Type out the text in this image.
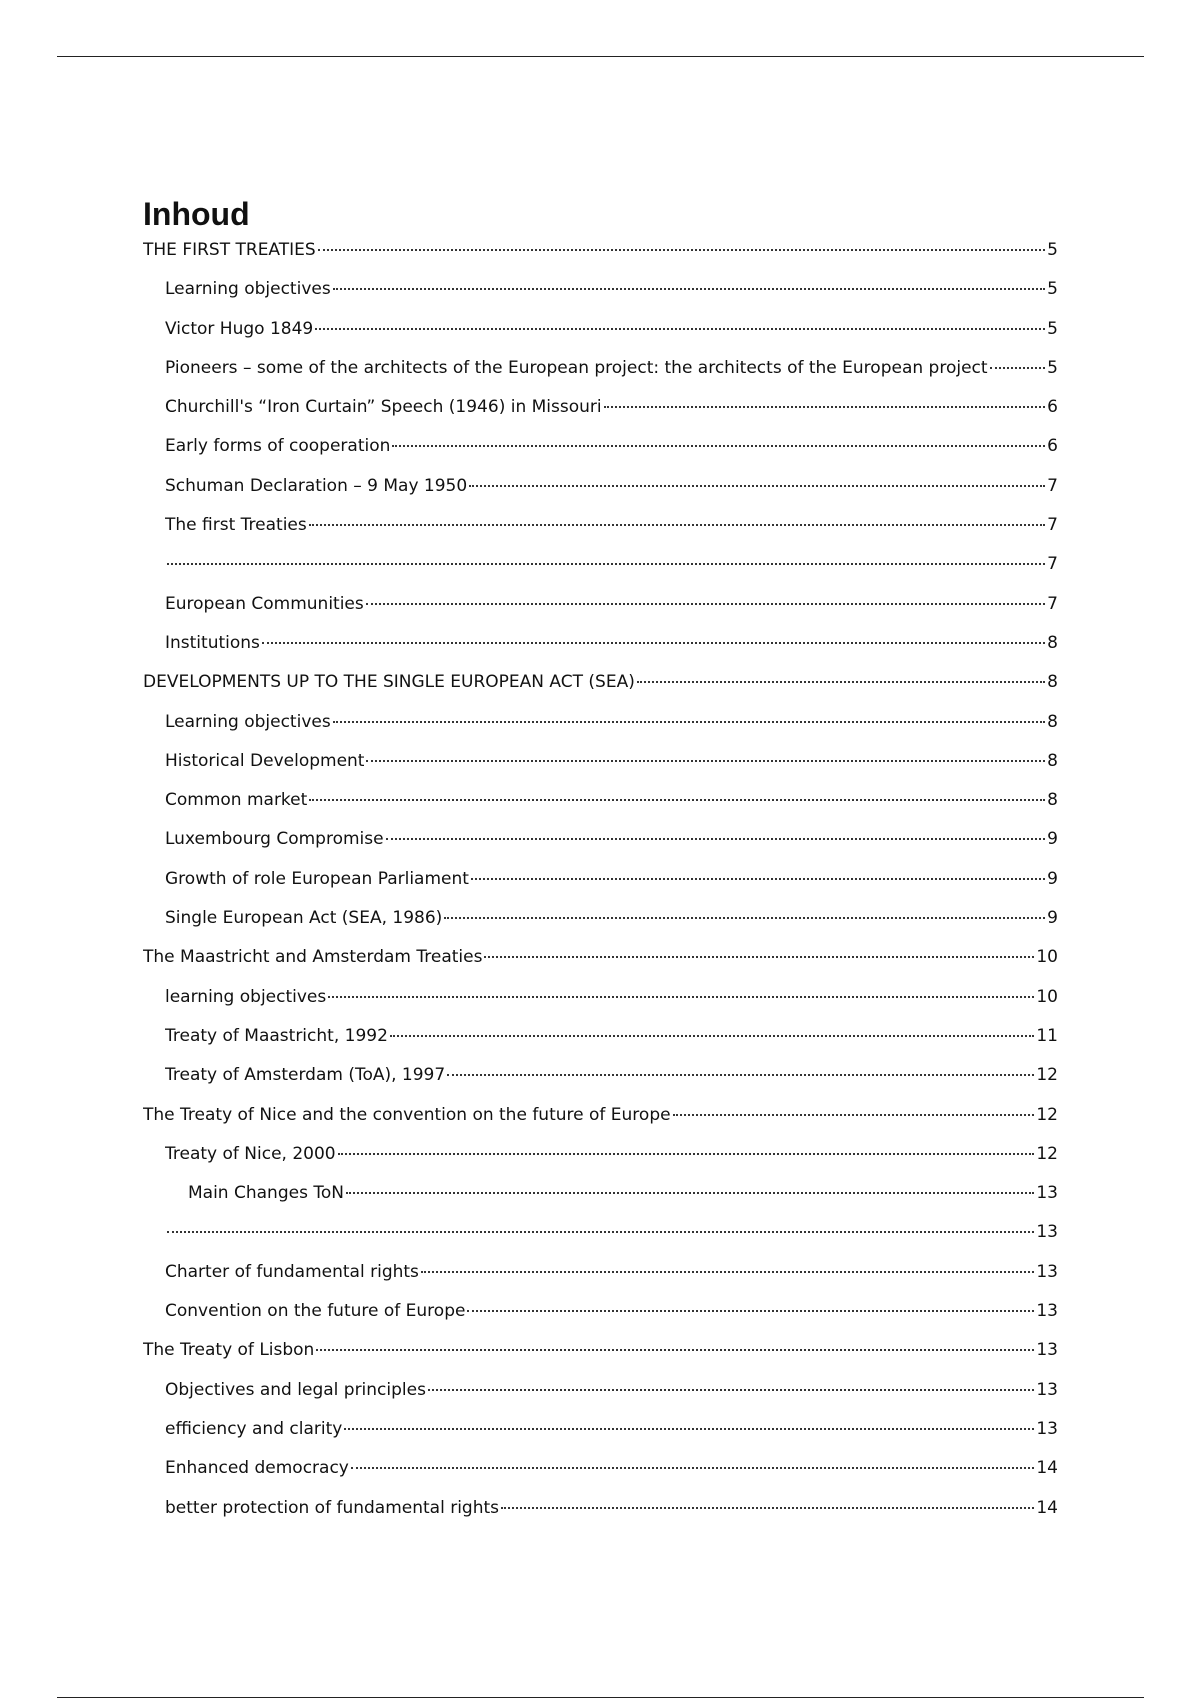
Inhoud
THE FIRST TREATIES	5
Learning objectives	5
Victor Hugo 1849	5
Pioneers – some of the architects of the European project: the architects of the European project	5
Churchill's “Iron Curtain” Speech (1946) in Missouri	6
Early forms of cooperation	6
Schuman Declaration – 9 May 1950	7
The first Treaties	7
7
European Communities	7
Institutions	8
DEVELOPMENTS UP TO THE SINGLE EUROPEAN ACT (SEA)	8
Learning objectives	8
Historical Development	8
Common market	8
Luxembourg Compromise	9
Growth of role European Parliament	9
Single European Act (SEA, 1986)	9
The Maastricht and Amsterdam Treaties	10
learning objectives	10
Treaty of Maastricht, 1992	11
Treaty of Amsterdam (ToA), 1997	12
The Treaty of Nice and the convention on the future of Europe	12
Treaty of Nice, 2000	12
Main Changes ToN	13
13
Charter of fundamental rights	13
Convention on the future of Europe	13
The Treaty of Lisbon	13
Objectives and legal principles	13
efficiency and clarity	13
Enhanced democracy	14
better protection of fundamental rights	14
